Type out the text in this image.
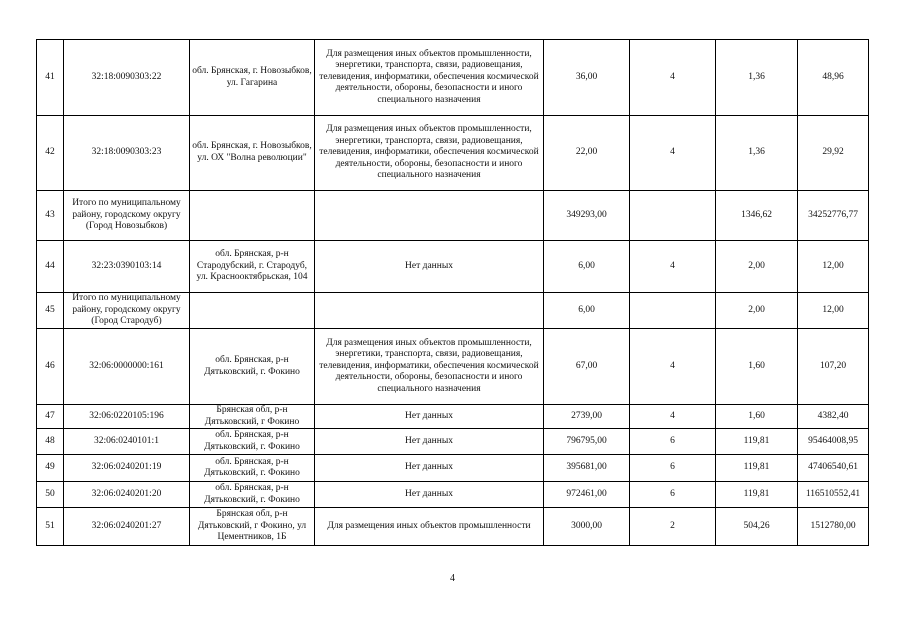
41	32:18:0090303:22	обл. Брянская, г. Новозыбков, ул. Гагарина	Для размещения иных объектов промышленности, энергетики, транспорта, связи, радиовещания, телевидения, информатики, обеспечения космической деятельности, обороны, безопасности и иного специального назначения	36,00	4	1,36	48,96
42	32:18:0090303:23	обл. Брянская, г. Новозыбков, ул. ОХ "Волна революции"	Для размещения иных объектов промышленности, энергетики, транспорта, связи, радиовещания, телевидения, информатики, обеспечения космической деятельности, обороны, безопасности и иного специального назначения	22,00	4	1,36	29,92
43	Итого по муниципальному району, городскому округу (Город Новозыбков)			349293,00		1346,62	34252776,77
44	32:23:0390103:14	обл. Брянская, р-н Стародубский, г. Стародуб, ул. Краснооктябрьская, 104	Нет данных	6,00	4	2,00	12,00
45	Итого по муниципальному району, городскому округу (Город Стародуб)			6,00		2,00	12,00
46	32:06:0000000:161	обл. Брянская, р-н Дятьковский, г. Фокино	Для размещения иных объектов промышленности, энергетики, транспорта, связи, радиовещания, телевидения, информатики, обеспечения космической деятельности, обороны, безопасности и иного специального назначения	67,00	4	1,60	107,20
47	32:06:0220105:196	Брянская обл, р-н Дятьковский, г Фокино	Нет данных	2739,00	4	1,60	4382,40
48	32:06:0240101:1	обл. Брянская, р-н Дятьковский, г. Фокино	Нет данных	796795,00	6	119,81	95464008,95
49	32:06:0240201:19	обл. Брянская, р-н Дятьковский, г. Фокино	Нет данных	395681,00	6	119,81	47406540,61
50	32:06:0240201:20	обл. Брянская, р-н Дятьковский, г. Фокино	Нет данных	972461,00	6	119,81	116510552,41
51	32:06:0240201:27	Брянская обл, р-н Дятьковский, г Фокино, ул Цементников, 1Б	Для размещения иных объектов промышленности	3000,00	2	504,26	1512780,00
4
